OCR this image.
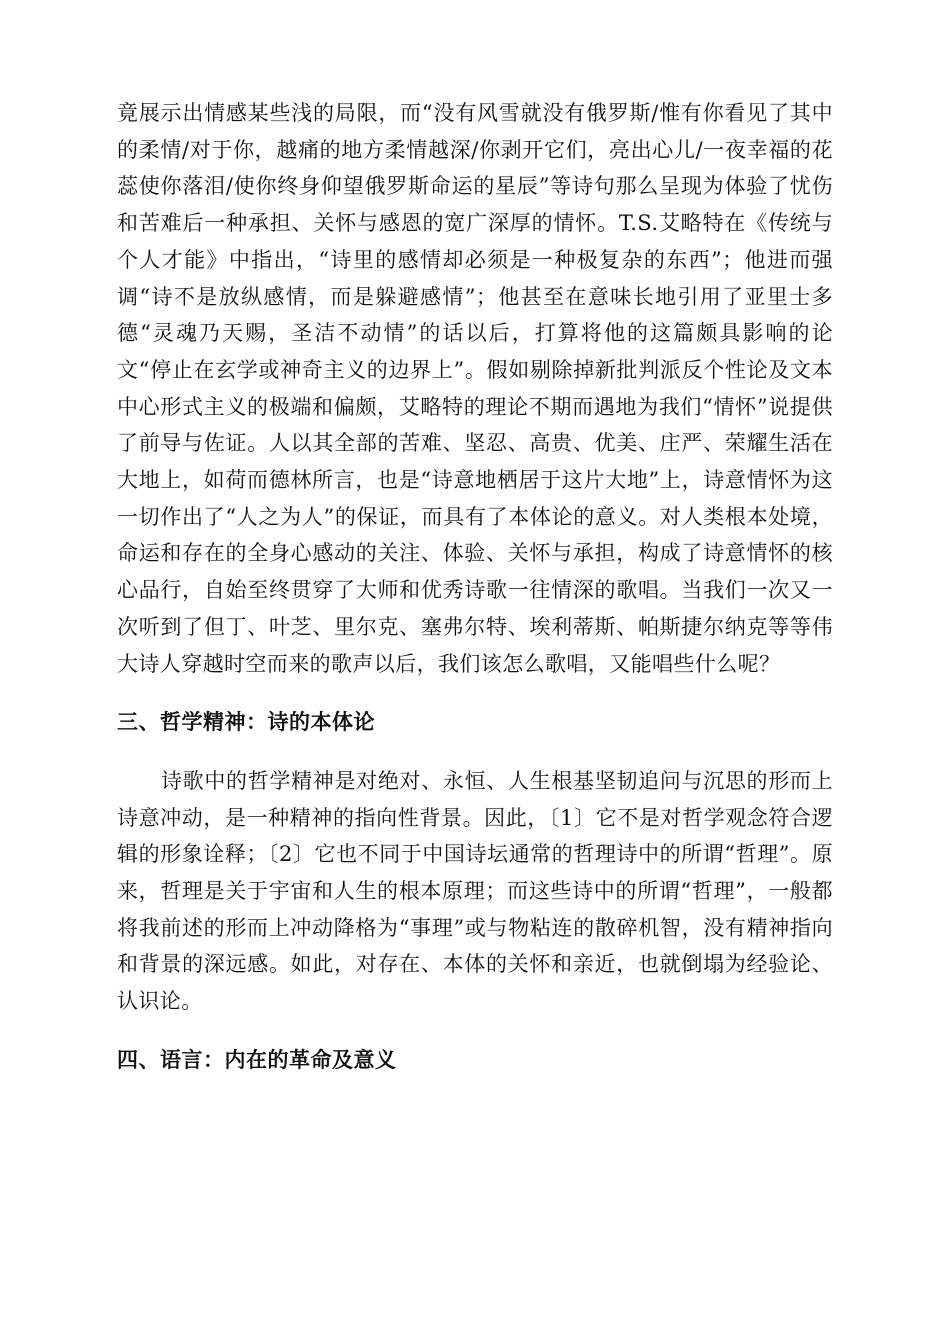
竟展示出情感某些浅的局限，而“没有风雪就没有俄罗斯/惟有你看见了其中的柔情/对于你，越痛的地方柔情越深/你剥开它们，亮出心儿/一夜幸福的花蕊使你落泪/使你终身仰望俄罗斯命运的星辰”等诗句那么呈现为体验了忧伤和苦难后一种承担、关怀与感恩的宽广深厚的情怀。T.S.艾略特在《传统与个人才能》中指出，“诗里的感情却必须是一种极复杂的东西”；他进而强调“诗不是放纵感情，而是躲避感情”；他甚至在意味长地引用了亚里士多德“灵魂乃天赐，圣洁不动情”的话以后，打算将他的这篇颇具影响的论文“停止在玄学或神奇主义的边界上”。假如剔除掉新批判派反个性论及文本中心形式主义的极端和偏颇，艾略特的理论不期而遇地为我们“情怀”说提供了前导与佐证。人以其全部的苦难、坚忍、高贵、优美、庄严、荣耀生活在大地上，如荷而德林所言，也是“诗意地栖居于这片大地”上，诗意情怀为这一切作出了“人之为人”的保证，而具有了本体论的意义。对人类根本处境，命运和存在的全身心感动的关注、体验、关怀与承担，构成了诗意情怀的核心品行，自始至终贯穿了大师和优秀诗歌一往情深的歌唱。当我们一次又一次听到了但丁、叶芝、里尔克、塞弗尔特、埃利蒂斯、帕斯捷尔纳克等等伟大诗人穿越时空而来的歌声以后，我们该怎么歌唱，又能唱些什么呢？

三、哲学精神：诗的本体论

诗歌中的哲学精神是对绝对、永恒、人生根基坚韧追问与沉思的形而上诗意冲动，是一种精神的指向性背景。因此，〔1〕它不是对哲学观念符合逻辑的形象诠释；〔2〕它也不同于中国诗坛通常的哲理诗中的所谓“哲理”。原来，哲理是关于宇宙和人生的根本原理；而这些诗中的所谓“哲理”，一般都将我前述的形而上冲动降格为“事理”或与物粘连的散碎机智，没有精神指向和背景的深远感。如此，对存在、本体的关怀和亲近，也就倒塌为经验论、认识论。

四、语言：内在的革命及意义
